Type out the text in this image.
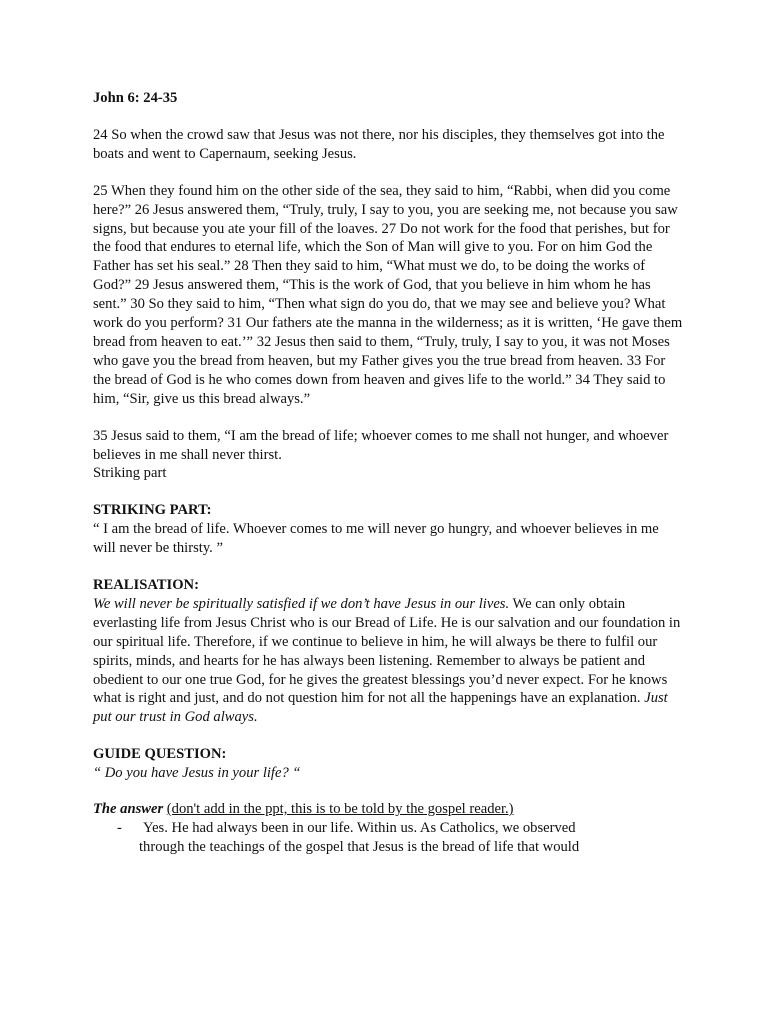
John 6: 24-35

24 So when the crowd saw that Jesus was not there, nor his disciples, they themselves got into the boats and went to Capernaum, seeking Jesus.

25 When they found him on the other side of the sea, they said to him, “Rabbi, when did you come here?” 26 Jesus answered them, “Truly, truly, I say to you, you are seeking me, not because you saw signs, but because you ate your fill of the loaves. 27 Do not work for the food that perishes, but for the food that endures to eternal life, which the Son of Man will give to you. For on him God the Father has set his seal.” 28 Then they said to him, “What must we do, to be doing the works of God?” 29 Jesus answered them, “This is the work of God, that you believe in him whom he has sent.” 30 So they said to him, “Then what sign do you do, that we may see and believe you? What work do you perform? 31 Our fathers ate the manna in the wilderness; as it is written, ‘He gave them bread from heaven to eat.’” 32 Jesus then said to them, “Truly, truly, I say to you, it was not Moses who gave you the bread from heaven, but my Father gives you the true bread from heaven. 33 For the bread of God is he who comes down from heaven and gives life to the world.” 34 They said to him, “Sir, give us this bread always.”

35 Jesus said to them, “I am the bread of life; whoever comes to me shall not hunger, and whoever believes in me shall never thirst.

Striking part

STRIKING PART:

“ I am the bread of life. Whoever comes to me will never go hungry, and whoever believes in me will never be thirsty. ”

REALISATION:

We will never be spiritually satisfied if we don’t have Jesus in our lives. We can only obtain everlasting life from Jesus Christ who is our Bread of Life. He is our salvation and our foundation in our spiritual life. Therefore, if we continue to believe in him, he will always be there to fulfil our spirits, minds, and hearts for he has always been listening. Remember to always be patient and obedient to our one true God, for he gives the greatest blessings you’d never expect. For he knows what is right and just, and do not question him for not all the happenings have an explanation. Just put our trust in God always.

GUIDE QUESTION:

“ Do you have Jesus in your life? “

The answer (don't add in the ppt, this is to be told by the gospel reader.)

- Yes. He had always been in our life. Within us. As Catholics, we observed
through the teachings of the gospel that Jesus is the bread of life that would
